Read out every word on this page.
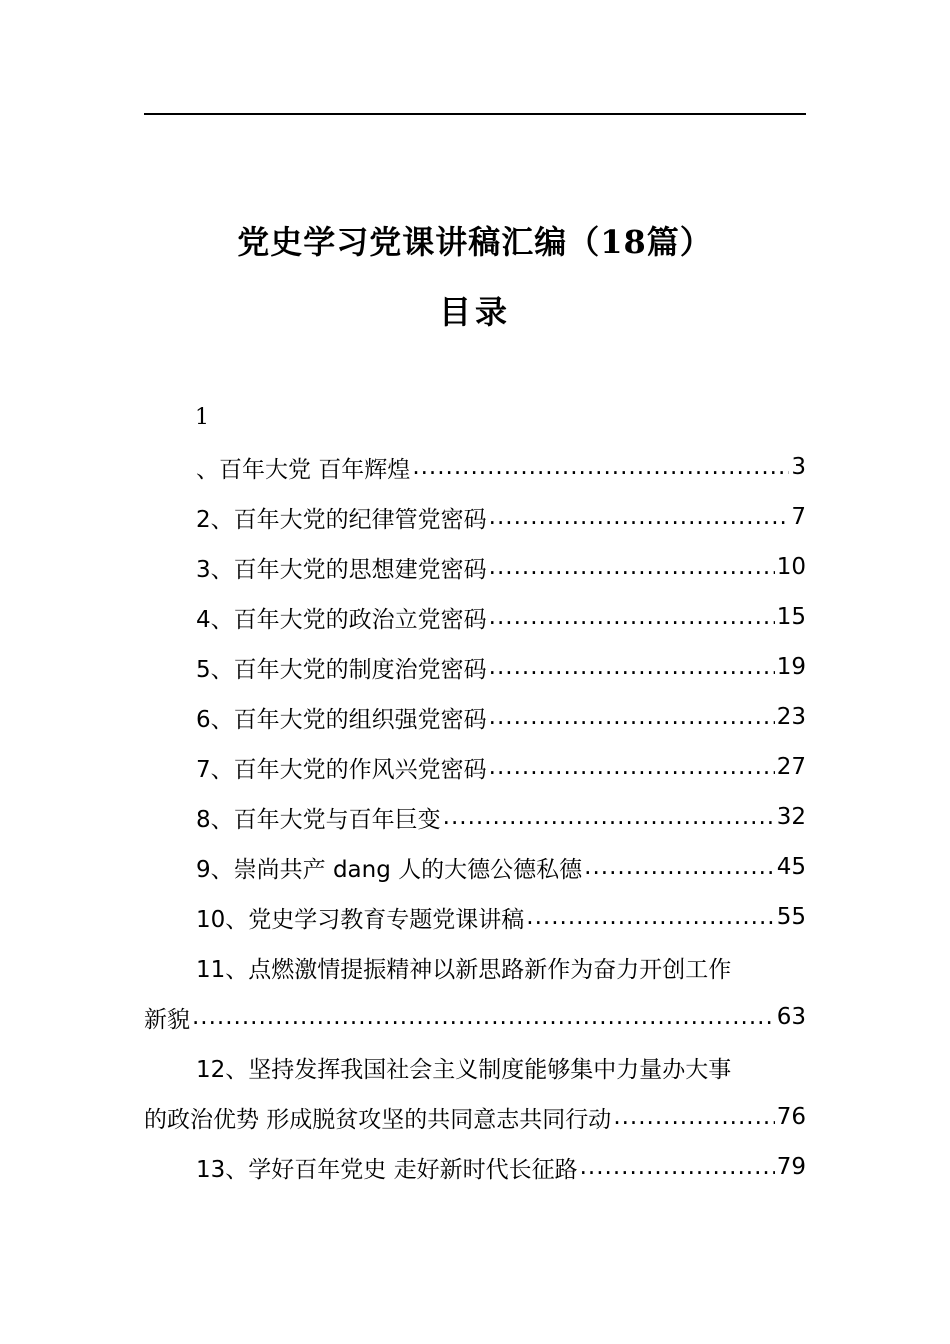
党史学习党课讲稿汇编（18篇）
目录
1
、百年大党 百年辉煌 .....	3
2、百年大党的纪律管党密码 .....	7
3、百年大党的思想建党密码 .....	10
4、百年大党的政治立党密码 .....	15
5、百年大党的制度治党密码 .....	19
6、百年大党的组织强党密码 .....	23
7、百年大党的作风兴党密码 .....	27
8、百年大党与百年巨变 .....	32
9、崇尚共产 dang 人的大德公德私德 .....	45
10、党史学习教育专题党课讲稿 .....	55
11、点燃激情提振精神以新思路新作为奋力开创工作
新貌 .....	63
12、坚持发挥我国社会主义制度能够集中力量办大事
的政治优势 形成脱贫攻坚的共同意志共同行动 .....	76
13、学好百年党史 走好新时代长征路 .....	79
